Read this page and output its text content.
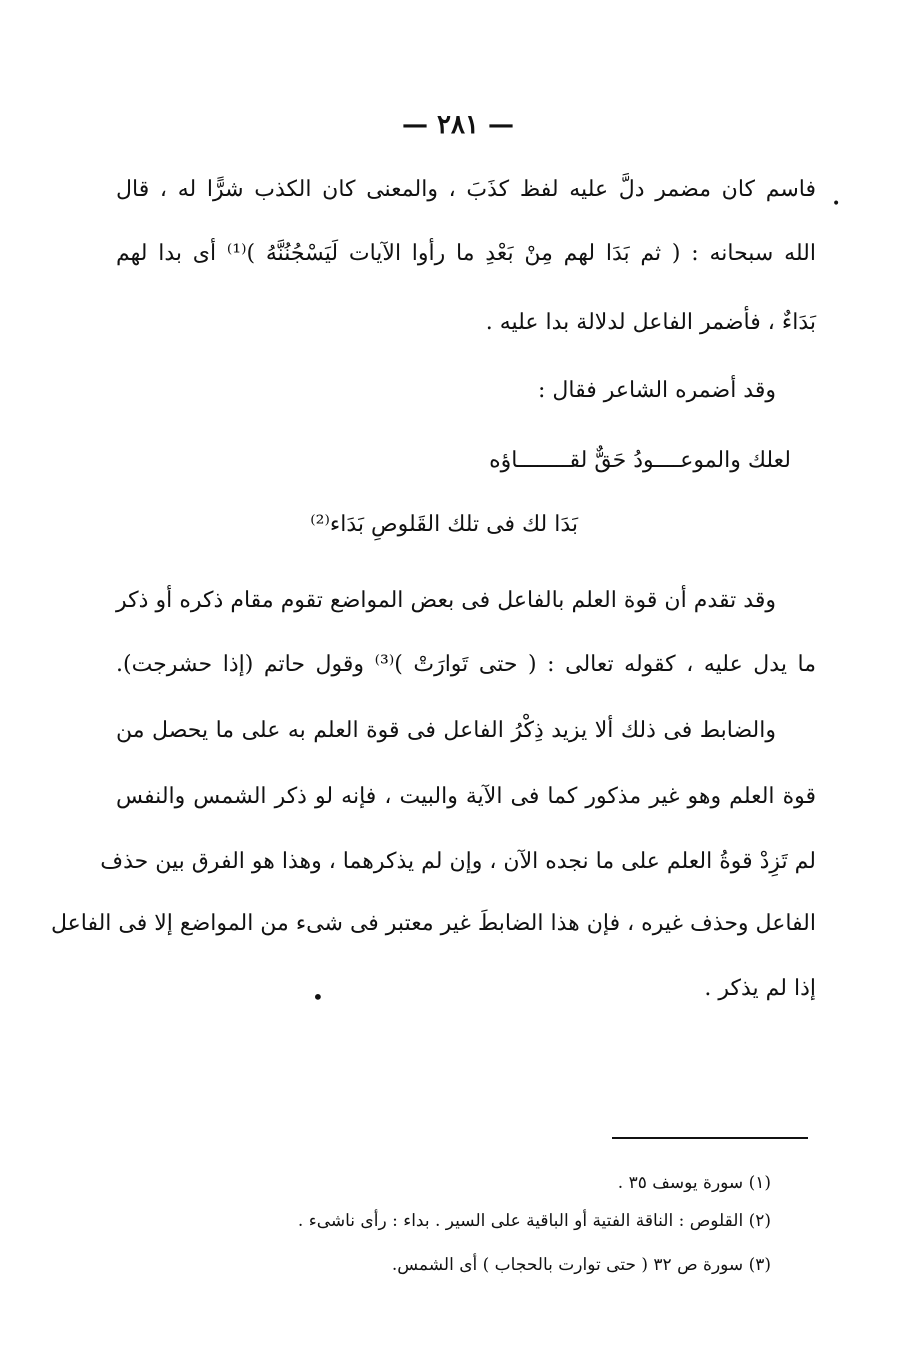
— ٢٨١ —
•
فاسم كان مضمر دلَّ عليه لفظ كذَبَ ، والمعنى كان الكذب شرًّا له ، قال
الله سبحانه : ( ثم بَدَا لهم مِنْ بَعْدِ ما رأوا الآيات لَيَسْجُنُنَّهُ )⁽¹⁾ أى بدا لهم
بَدَاءٌ ، فأضمر الفاعل لدلالة بدا عليه .
وقد أضمره الشاعر فقال :
لعلك والموعــــودُ حَقٌّ لقــــــــاؤه
بَدَا لك فى تلك القَلوصِ بَدَاء⁽²⁾
وقد تقدم أن قوة العلم بالفاعل فى بعض المواضع تقوم مقام ذكره أو ذكر
ما يدل عليه ، كقوله تعالى : ( حتى تَوارَتْ )⁽³⁾ وقول حاتم (إذا حشرجت).
والضابط فى ذلك ألا يزيد ذِكْرُ الفاعل فى قوة العلم به على ما يحصل من
قوة العلم وهو غير مذكور كما فى الآية والبيت ، فإنه لو ذكر الشمس والنفس
لم تَزِدْ قوةُ العلم على ما نجده الآن ، وإن لم يذكرهما ، وهذا هو الفرق بين حذف
الفاعل وحذف غيره ، فإن هذا الضابطَ غير معتبر فى شىء من المواضع إلا فى الفاعل
إذا لم يذكر .
•
(١) سورة يوسف ٣٥ .
(٢) القلوص : الناقة الفتية أو الباقية على السير . بداء : رأى ناشىء .
(٣) سورة ص ٣٢ ( حتى توارت بالحجاب ) أى الشمس.
